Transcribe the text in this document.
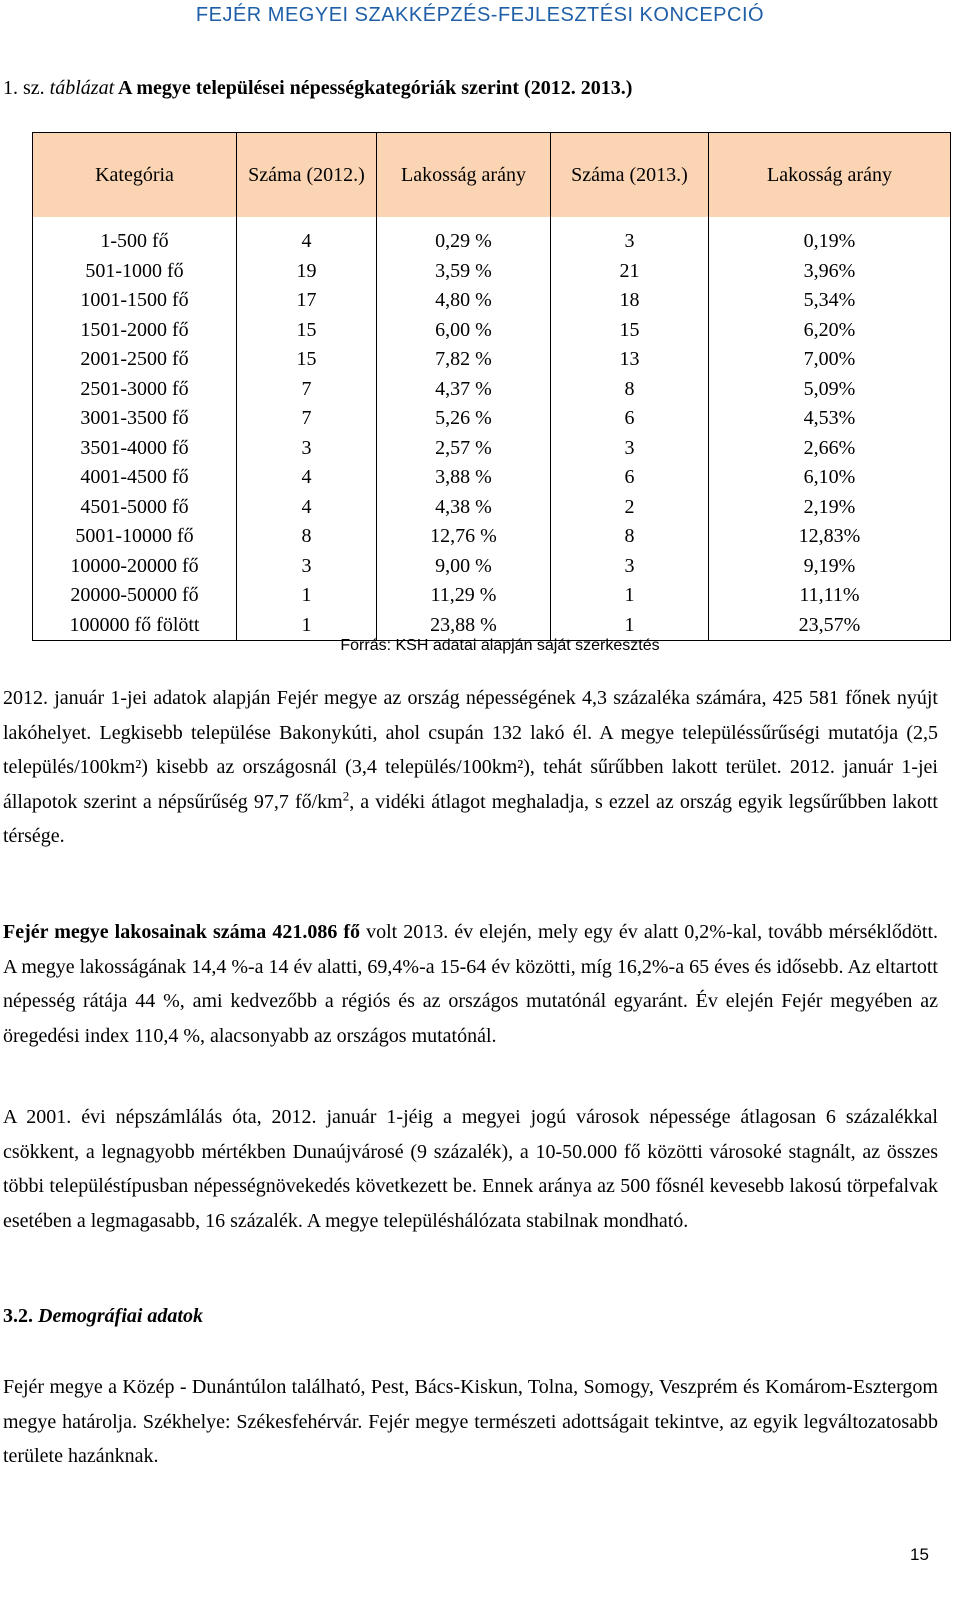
FEJÉR MEGYEI SZAKKÉPZÉS-FEJLESZTÉSI KONCEPCIÓ
1. sz. táblázat A megye települései népességkategóriák szerint (2012. 2013.)
Kategória	Száma (2012.)	Lakosság arány	Száma (2013.)	Lakosság arány
1-500 fő	4	0,29 %	3	0,19%
501-1000 fő	19	3,59 %	21	3,96%
1001-1500 fő	17	4,80 %	18	5,34%
1501-2000 fő	15	6,00 %	15	6,20%
2001-2500 fő	15	7,82 %	13	7,00%
2501-3000 fő	7	4,37 %	8	5,09%
3001-3500 fő	7	5,26 %	6	4,53%
3501-4000 fő	3	2,57 %	3	2,66%
4001-4500 fő	4	3,88 %	6	6,10%
4501-5000 fő	4	4,38 %	2	2,19%
5001-10000 fő	8	12,76 %	8	12,83%
10000-20000 fő	3	9,00 %	3	9,19%
20000-50000 fő	1	11,29 %	1	11,11%
100000 fő fölött	1	23,88 %	1	23,57%
Forrás: KSH adatai alapján saját szerkesztés

2012. január 1-jei adatok alapján Fejér megye az ország népességének 4,3 százaléka számára, 425 581 főnek nyújt lakóhelyet. Legkisebb települése Bakonykúti, ahol csupán 132 lakó él. A megye településsűrűségi mutatója (2,5 település/100km²) kisebb az országosnál (3,4 település/100km²), tehát sűrűbben lakott terület. 2012. január 1-jei állapotok szerint a népsűrűség 97,7 $fő/km^2$, a vidéki átlagot meghaladja, s ezzel az ország egyik legsűrűbben lakott térsége.

Fejér megye lakosainak száma 421.086 fő volt 2013. év elején, mely egy év alatt 0,2%-kal, tovább mérséklődött. A megye lakosságának 14,4 %-a 14 év alatti, 69,4%-a 15-64 év közötti, míg 16,2%-a 65 éves és idősebb. Az eltartott népesség rátája 44 %, ami kedvezőbb a régiós és az országos mutatónál egyaránt. Év elején Fejér megyében az öregedési index 110,4 %, alacsonyabb az országos mutatónál.

A 2001. évi népszámlálás óta, 2012. január 1-jéig a megyei jogú városok népessége átlagosan 6 százalékkal csökkent, a legnagyobb mértékben Dunaújvárosé (9 százalék), a 10-50.000 fő közötti városoké stagnált, az összes többi településtípusban népességnövekedés következett be. Ennek aránya az 500 fősnél kevesebb lakosú törpefalvak esetében a legmagasabb, 16 százalék. A megye településhálózata stabilnak mondható.

3.2. Demográfiai adatok

Fejér megye a Közép - Dunántúlon található, Pest, Bács-Kiskun, Tolna, Somogy, Veszprém és Komárom-Esztergom megye határolja. Székhelye: Székesfehérvár. Fejér megye természeti adottságait tekintve, az egyik legváltozatosabb területe hazánknak.

15
